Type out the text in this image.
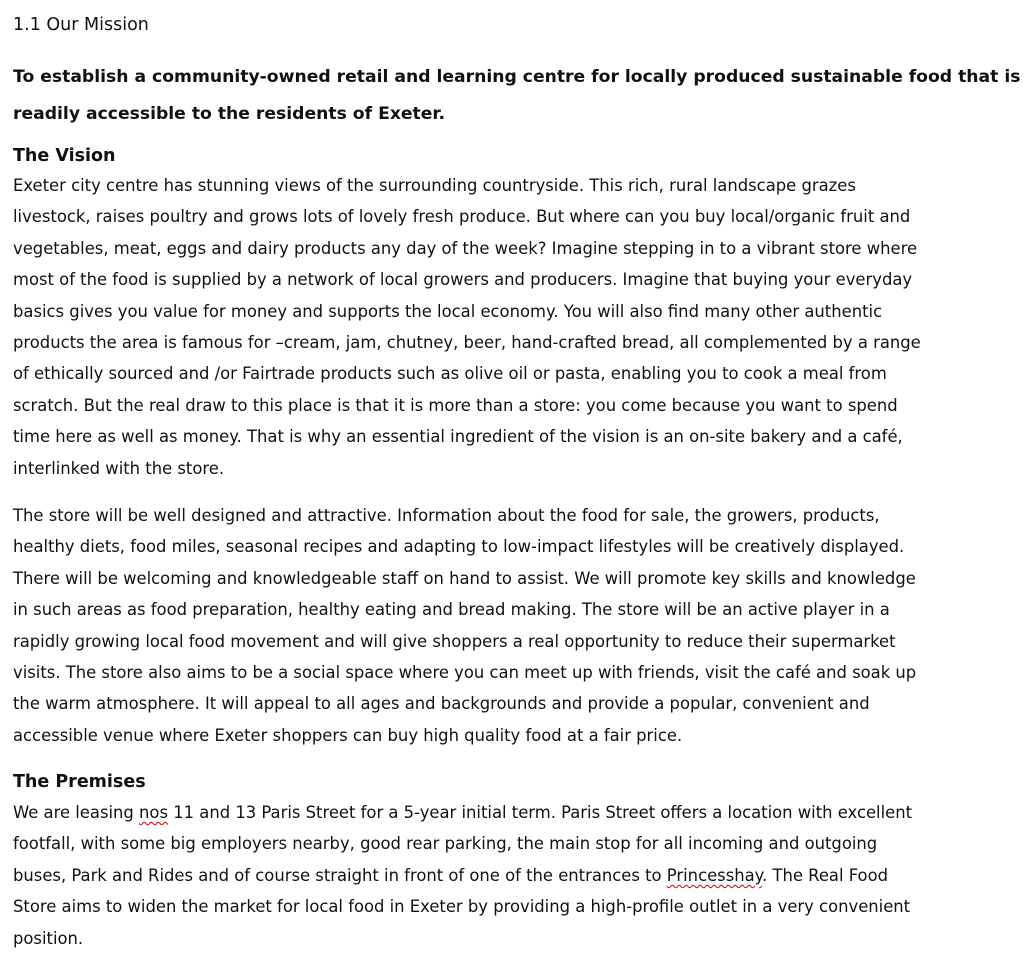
1.1 Our Mission

To establish a community-owned retail and learning centre for locally produced sustainable food that is
readily accessible to the residents of Exeter.

The Vision

Exeter city centre has stunning views of the surrounding countryside. This rich, rural landscape grazes
livestock, raises poultry and grows lots of lovely fresh produce. But where can you buy local/organic fruit and
vegetables, meat, eggs and dairy products any day of the week? Imagine stepping in to a vibrant store where
most of the food is supplied by a network of local growers and producers. Imagine that buying your everyday
basics gives you value for money and supports the local economy. You will also find many other authentic
products the area is famous for –cream, jam, chutney, beer, hand-crafted bread, all complemented by a range
of ethically sourced and /or Fairtrade products such as olive oil or pasta, enabling you to cook a meal from
scratch. But the real draw to this place is that it is more than a store: you come because you want to spend
time here as well as money. That is why an essential ingredient of the vision is an on-site bakery and a café,
interlinked with the store.

The store will be well designed and attractive. Information about the food for sale, the growers, products,
healthy diets, food miles, seasonal recipes and adapting to low-impact lifestyles will be creatively displayed.
There will be welcoming and knowledgeable staff on hand to assist. We will promote key skills and knowledge
in such areas as food preparation, healthy eating and bread making. The store will be an active player in a
rapidly growing local food movement and will give shoppers a real opportunity to reduce their supermarket
visits. The store also aims to be a social space where you can meet up with friends, visit the café and soak up
the warm atmosphere. It will appeal to all ages and backgrounds and provide a popular, convenient and
accessible venue where Exeter shoppers can buy high quality food at a fair price.

The Premises

We are leasing nos 11 and 13 Paris Street for a 5-year initial term. Paris Street offers a location with excellent
footfall, with some big employers nearby, good rear parking, the main stop for all incoming and outgoing
buses, Park and Rides and of course straight in front of one of the entrances to Princesshay. The Real Food
Store aims to widen the market for local food in Exeter by providing a high-profile outlet in a very convenient
position.
